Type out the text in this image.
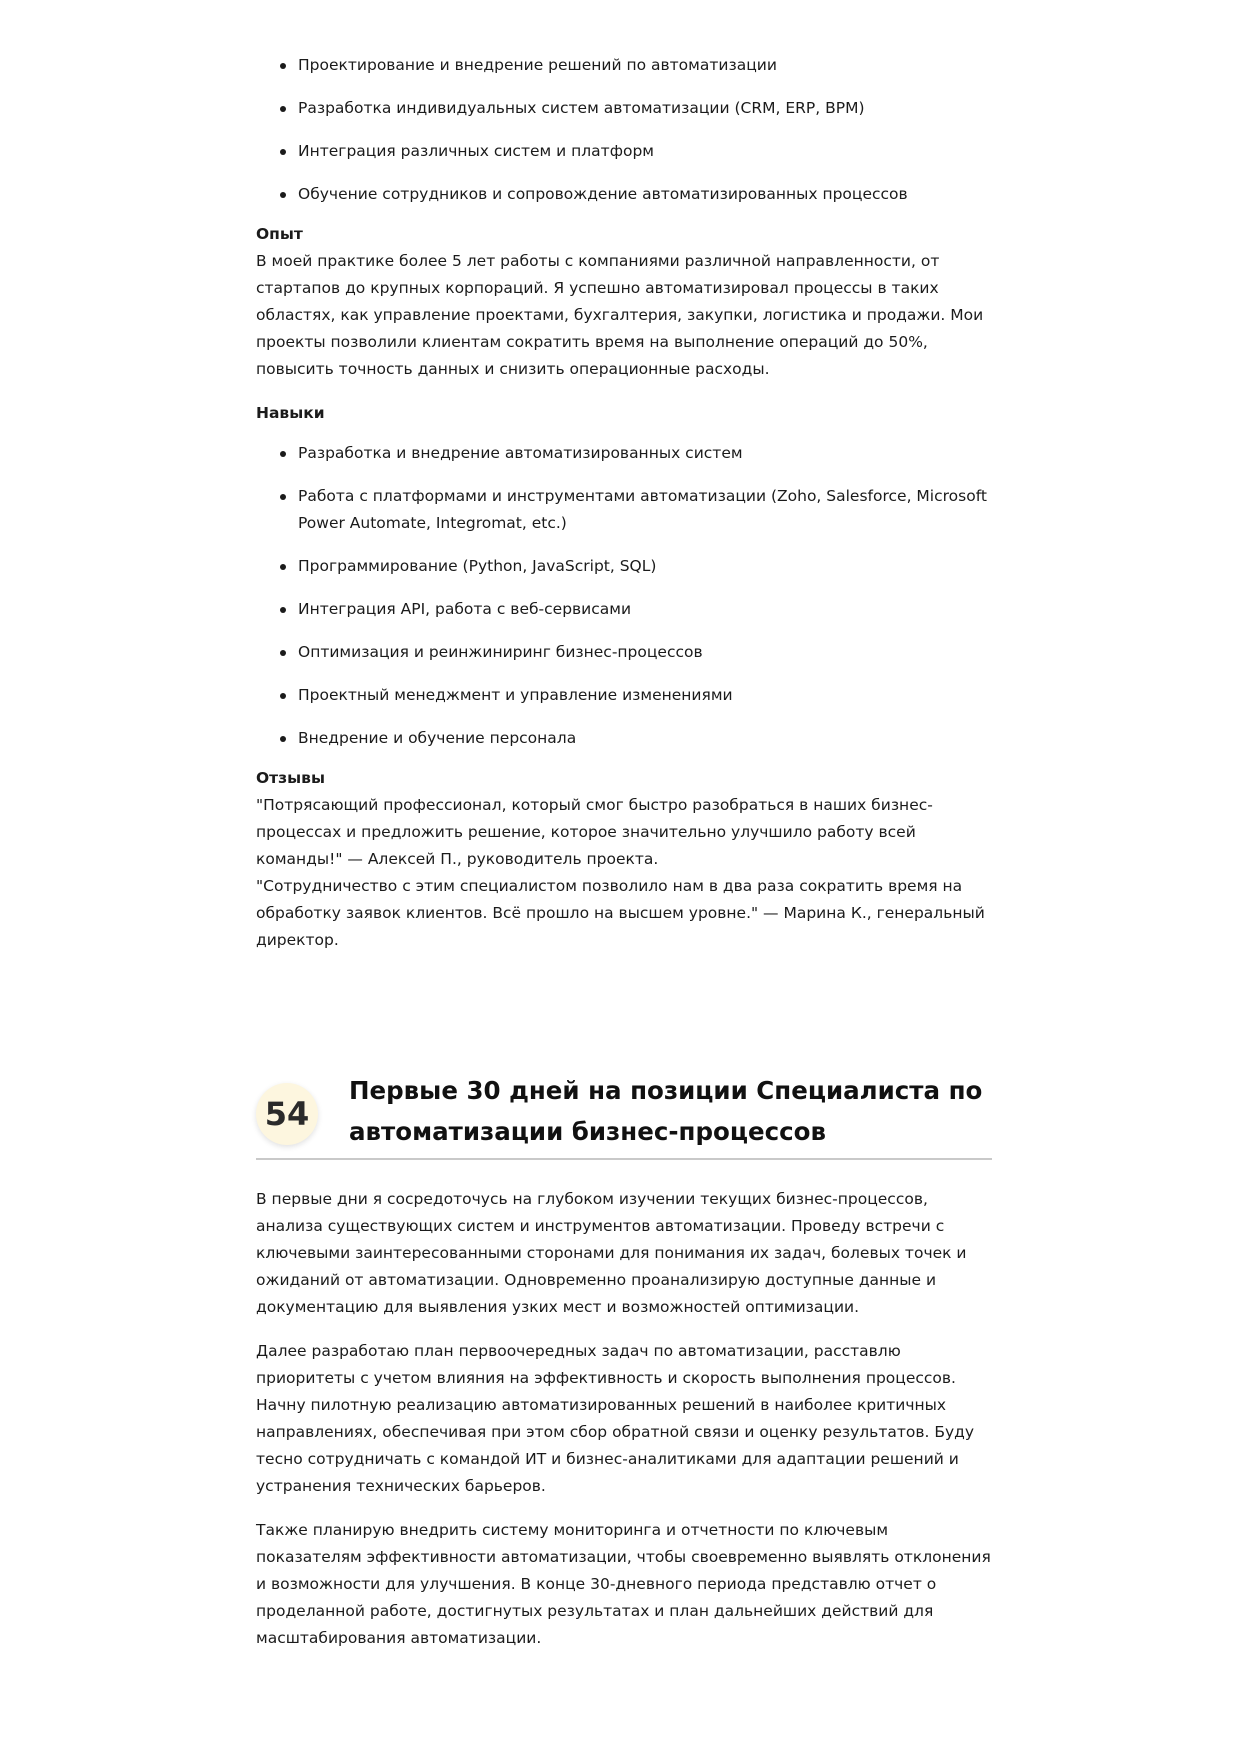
Проектирование и внедрение решений по автоматизации
Разработка индивидуальных систем автоматизации (CRM, ERP, BPM)
Интеграция различных систем и платформ
Обучение сотрудников и сопровождение автоматизированных процессов

Опыт

В моей практике более 5 лет работы с компаниями различной направленности, от стартапов до крупных корпораций. Я успешно автоматизировал процессы в таких областях, как управление проектами, бухгалтерия, закупки, логистика и продажи. Мои проекты позволили клиентам сократить время на выполнение операций до 50%, повысить точность данных и снизить операционные расходы.

Навыки

Разработка и внедрение автоматизированных систем
Работа с платформами и инструментами автоматизации (Zoho, Salesforce, Microsoft Power Automate, Integromat, etc.)
Программирование (Python, JavaScript, SQL)
Интеграция API, работа с веб-сервисами
Оптимизация и реинжиниринг бизнес-процессов
Проектный менеджмент и управление изменениями
Внедрение и обучение персонала

Отзывы

"Потрясающий профессионал, который смог быстро разобраться в наших бизнес-процессах и предложить решение, которое значительно улучшило работу всей команды!" — Алексей П., руководитель проекта.

"Сотрудничество с этим специалистом позволило нам в два раза сократить время на обработку заявок клиентов. Всё прошло на высшем уровне." — Марина К., генеральный директор.

54
Первые 30 дней на позиции Специалиста по автоматизации бизнес-процессов

В первые дни я сосредоточусь на глубоком изучении текущих бизнес-процессов, анализа существующих систем и инструментов автоматизации. Проведу встречи с ключевыми заинтересованными сторонами для понимания их задач, болевых точек и ожиданий от автоматизации. Одновременно проанализирую доступные данные и документацию для выявления узких мест и возможностей оптимизации.

Далее разработаю план первоочередных задач по автоматизации, расставлю приоритеты с учетом влияния на эффективность и скорость выполнения процессов. Начну пилотную реализацию автоматизированных решений в наиболее критичных направлениях, обеспечивая при этом сбор обратной связи и оценку результатов. Буду тесно сотрудничать с командой ИТ и бизнес-аналитиками для адаптации решений и устранения технических барьеров.

Также планирую внедрить систему мониторинга и отчетности по ключевым показателям эффективности автоматизации, чтобы своевременно выявлять отклонения и возможности для улучшения. В конце 30-дневного периода представлю отчет о проделанной работе, достигнутых результатах и план дальнейших действий для масштабирования автоматизации.
